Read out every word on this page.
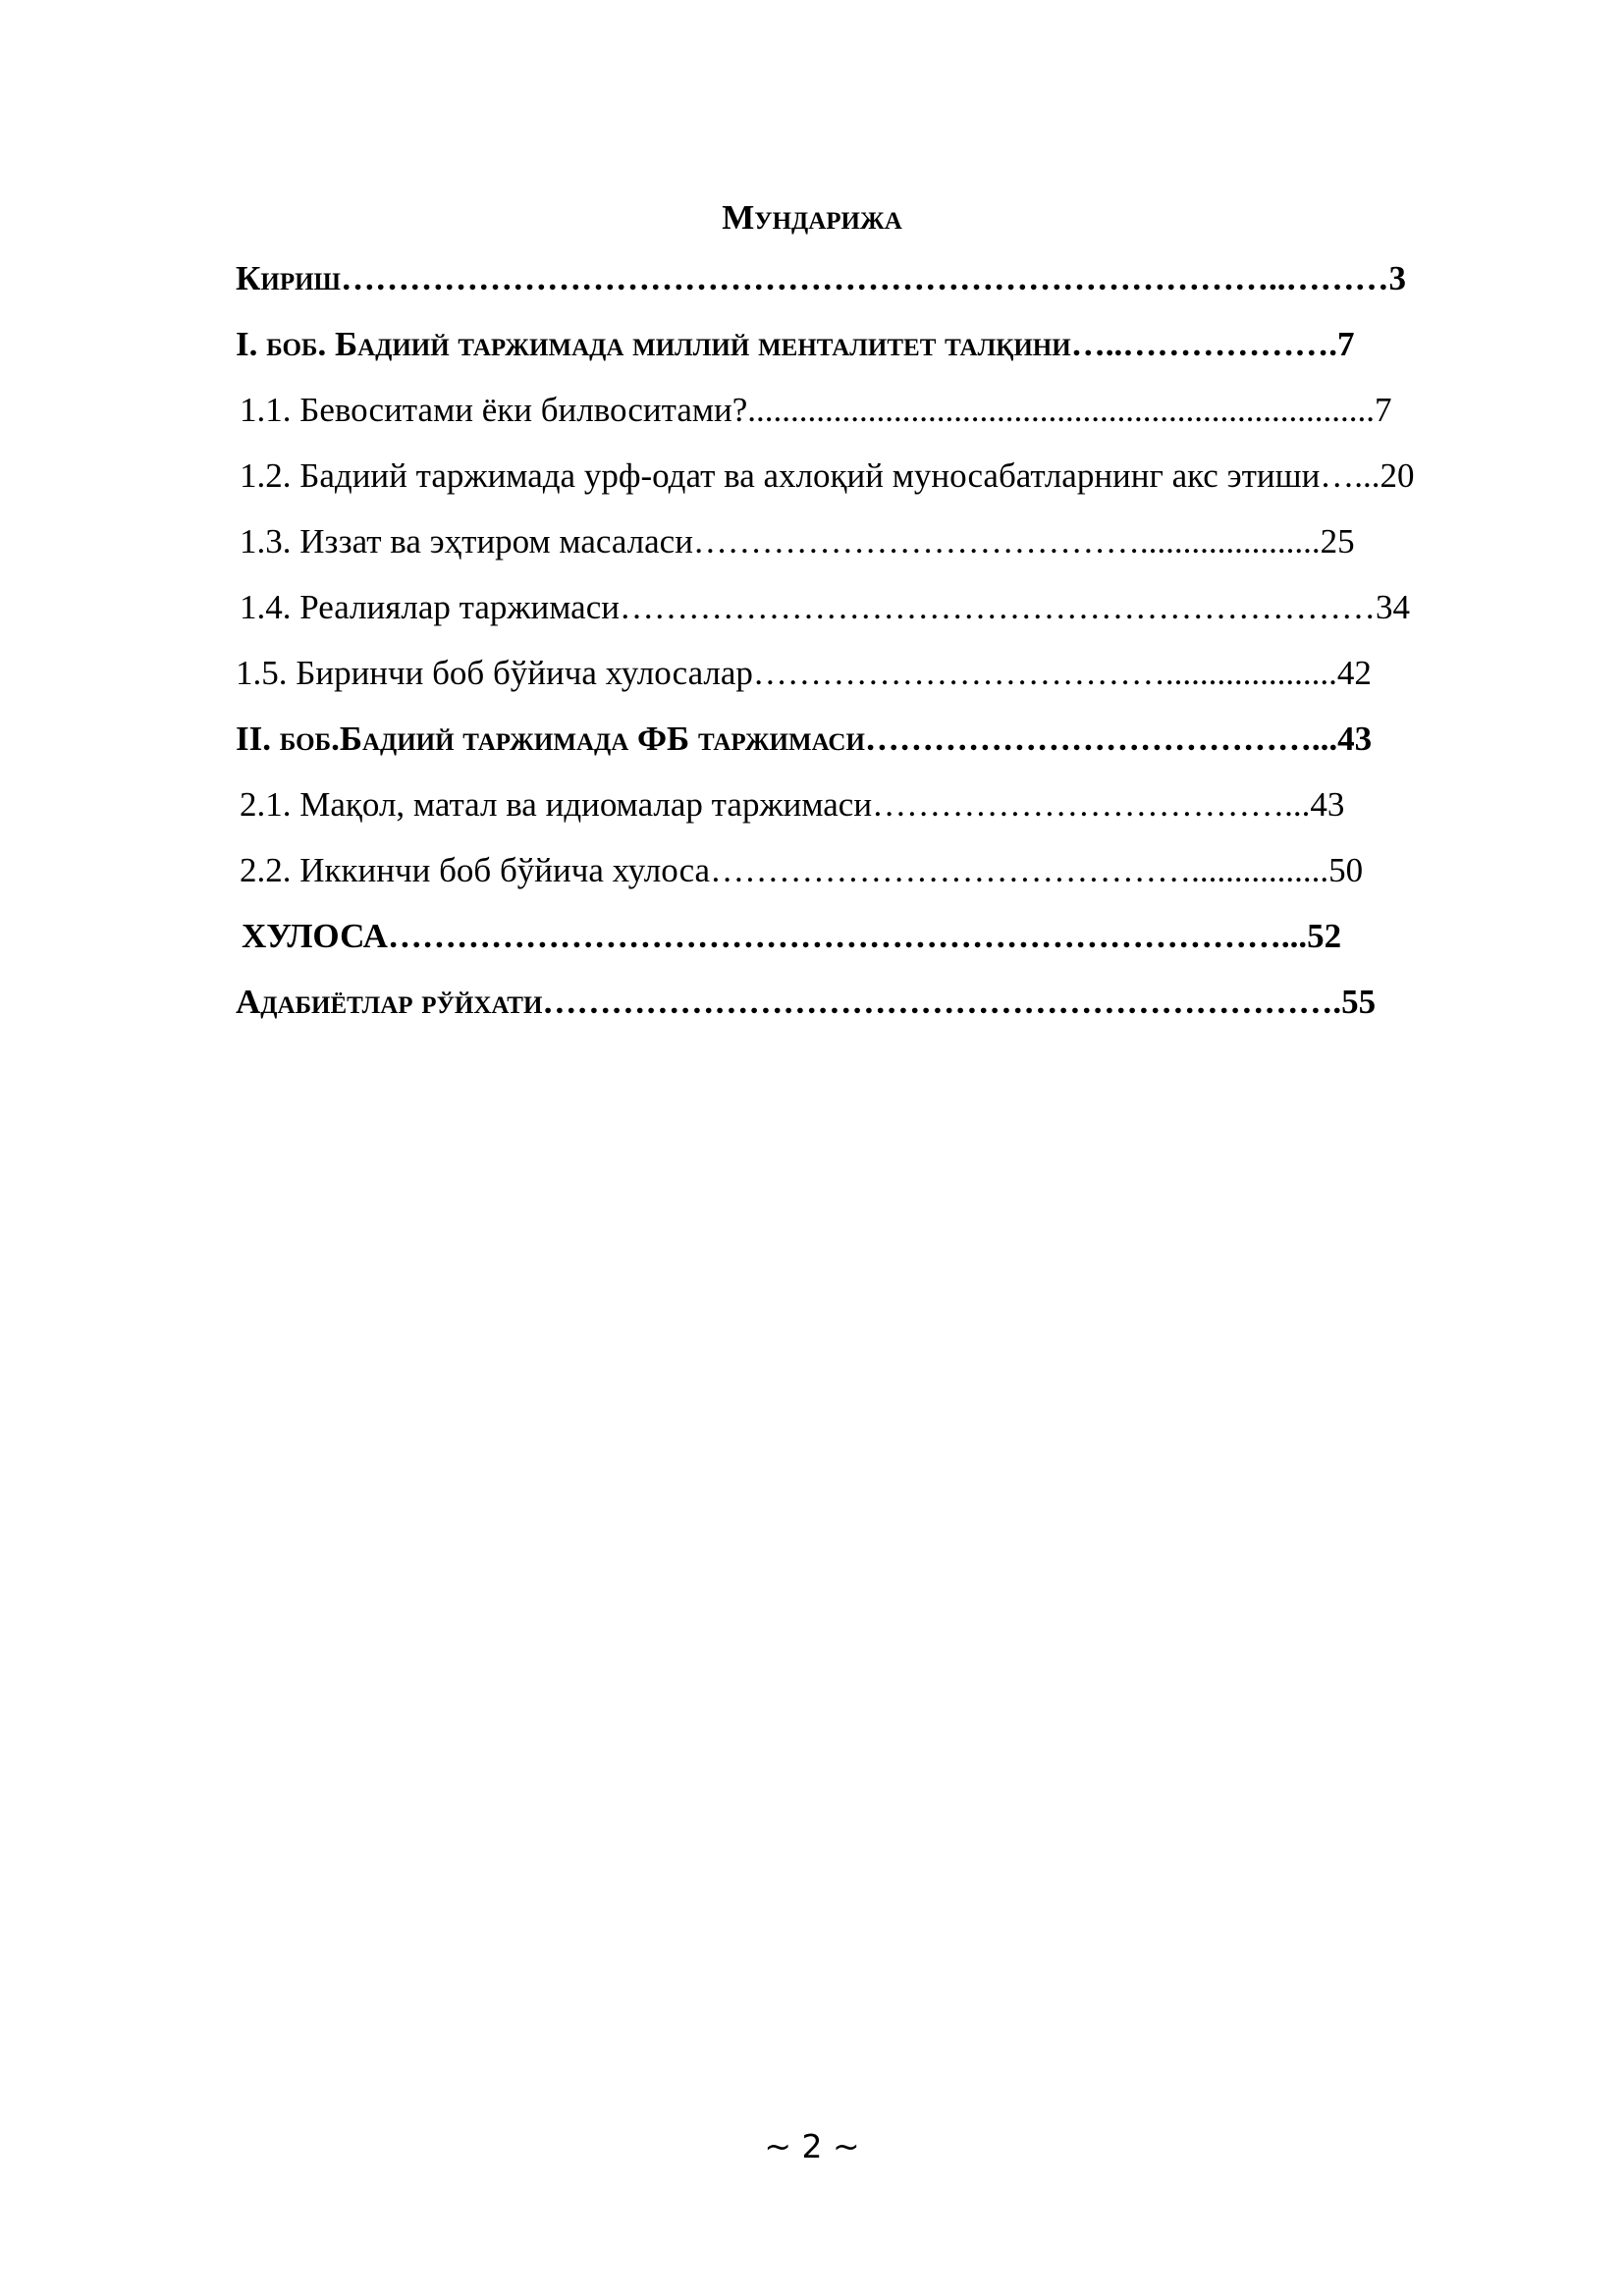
Мундарижа
Кириш………………………………………………………………………..………3
I. боб. Бадиий таржимада миллий менталитет талқини…..……………….7
1.1. Бевоситами ёки билвоситами?.........................................................................7
1.2. Бадиий таржимада урф-одат ва ахлоқий муносабатларнинг акс этиши…...20
1.3. Иззат ва эҳтиром масаласи………………………………….....................25
1.4. Реалиялар таржимаси…………………………………………………………34
1.5. Биринчи боб бўйича хулосалар………………………………....................42
II. боб.Бадиий таржимада ФБ таржимаси…………………………………...43
2.1. Мақол, матал ва идиомалар таржимаси………………………………...43
2.2. Иккинчи боб бўйича хулоса……………………………………................50
ХУЛОСА……………………………………………………………………...52
Адабиётлар рўйхати…………………………………………………………….55
~ 2 ~
